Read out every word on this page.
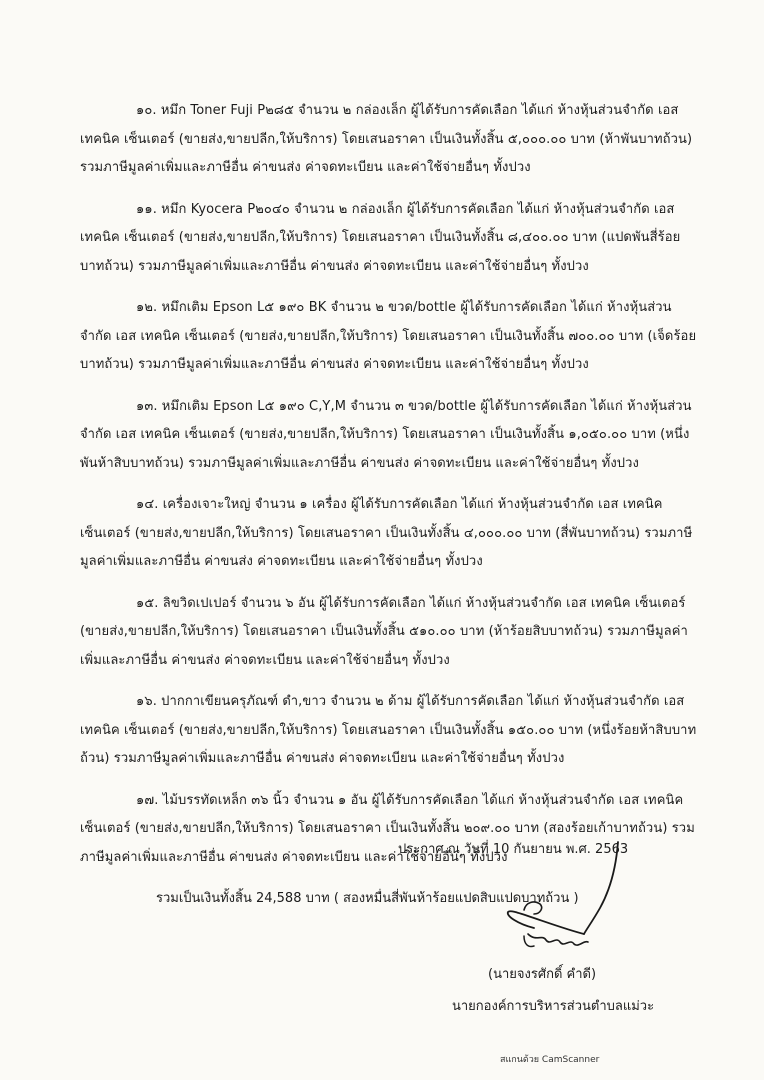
๑๐. หมึก Toner Fuji P๒๘๕ จำนวน ๒ กล่องเล็ก ผู้ได้รับการคัดเลือก ได้แก่ ห้างหุ้นส่วนจำกัด เอส เทคนิค เซ็นเตอร์ (ขายส่ง,ขายปลีก,ให้บริการ) โดยเสนอราคา เป็นเงินทั้งสิ้น ๕,๐๐๐.๐๐ บาท (ห้าพันบาทถ้วน) รวมภาษีมูลค่าเพิ่มและภาษีอื่น ค่าขนส่ง ค่าจดทะเบียน และค่าใช้จ่ายอื่นๆ ทั้งปวง

๑๑. หมึก Kyocera P๒๐๔๐ จำนวน ๒ กล่องเล็ก ผู้ได้รับการคัดเลือก ได้แก่ ห้างหุ้นส่วนจำกัด เอส เทคนิค เซ็นเตอร์ (ขายส่ง,ขายปลีก,ให้บริการ) โดยเสนอราคา เป็นเงินทั้งสิ้น ๘,๔๐๐.๐๐ บาท (แปดพันสี่ร้อยบาทถ้วน) รวมภาษีมูลค่าเพิ่มและภาษีอื่น ค่าขนส่ง ค่าจดทะเบียน และค่าใช้จ่ายอื่นๆ ทั้งปวง

๑๒. หมึกเติม Epson L๕ ๑๙๐ BK จำนวน ๒ ขวด/bottle ผู้ได้รับการคัดเลือก ได้แก่ ห้างหุ้นส่วนจำกัด เอส เทคนิค เซ็นเตอร์ (ขายส่ง,ขายปลีก,ให้บริการ) โดยเสนอราคา เป็นเงินทั้งสิ้น ๗๐๐.๐๐ บาท (เจ็ดร้อยบาทถ้วน) รวมภาษีมูลค่าเพิ่มและภาษีอื่น ค่าขนส่ง ค่าจดทะเบียน และค่าใช้จ่ายอื่นๆ ทั้งปวง

๑๓. หมึกเติม Epson L๕ ๑๙๐ C,Y,M จำนวน ๓ ขวด/bottle ผู้ได้รับการคัดเลือก ได้แก่ ห้างหุ้นส่วนจำกัด เอส เทคนิค เซ็นเตอร์ (ขายส่ง,ขายปลีก,ให้บริการ) โดยเสนอราคา เป็นเงินทั้งสิ้น ๑,๐๕๐.๐๐ บาท (หนึ่งพันห้าสิบบาทถ้วน) รวมภาษีมูลค่าเพิ่มและภาษีอื่น ค่าขนส่ง ค่าจดทะเบียน และค่าใช้จ่ายอื่นๆ ทั้งปวง

๑๔. เครื่องเจาะใหญ่ จำนวน ๑ เครื่อง ผู้ได้รับการคัดเลือก ได้แก่ ห้างหุ้นส่วนจำกัด เอส เทคนิค เซ็นเตอร์ (ขายส่ง,ขายปลีก,ให้บริการ) โดยเสนอราคา เป็นเงินทั้งสิ้น ๔,๐๐๐.๐๐ บาท (สี่พันบาทถ้วน) รวมภาษีมูลค่าเพิ่มและภาษีอื่น ค่าขนส่ง ค่าจดทะเบียน และค่าใช้จ่ายอื่นๆ ทั้งปวง

๑๕. ลิขวิดเปเปอร์ จำนวน ๖ อัน ผู้ได้รับการคัดเลือก ได้แก่ ห้างหุ้นส่วนจำกัด เอส เทคนิค เซ็นเตอร์ (ขายส่ง,ขายปลีก,ให้บริการ) โดยเสนอราคา เป็นเงินทั้งสิ้น ๕๑๐.๐๐ บาท (ห้าร้อยสิบบาทถ้วน) รวมภาษีมูลค่าเพิ่มและภาษีอื่น ค่าขนส่ง ค่าจดทะเบียน และค่าใช้จ่ายอื่นๆ ทั้งปวง

๑๖. ปากกาเขียนครุภัณฑ์ ดำ,ขาว จำนวน ๒ ด้าม ผู้ได้รับการคัดเลือก ได้แก่ ห้างหุ้นส่วนจำกัด เอส เทคนิค เซ็นเตอร์ (ขายส่ง,ขายปลีก,ให้บริการ) โดยเสนอราคา เป็นเงินทั้งสิ้น ๑๕๐.๐๐ บาท (หนึ่งร้อยห้าสิบบาทถ้วน) รวมภาษีมูลค่าเพิ่มและภาษีอื่น ค่าขนส่ง ค่าจดทะเบียน และค่าใช้จ่ายอื่นๆ ทั้งปวง

๑๗. ไม้บรรทัดเหล็ก ๓๖ นิ้ว จำนวน ๑ อัน ผู้ได้รับการคัดเลือก ได้แก่ ห้างหุ้นส่วนจำกัด เอส เทคนิค เซ็นเตอร์ (ขายส่ง,ขายปลีก,ให้บริการ) โดยเสนอราคา เป็นเงินทั้งสิ้น ๒๐๙.๐๐ บาท (สองร้อยเก้าบาทถ้วน) รวมภาษีมูลค่าเพิ่มและภาษีอื่น ค่าขนส่ง ค่าจดทะเบียน และค่าใช้จ่ายอื่นๆ ทั้งปวง

รวมเป็นเงินทั้งสิ้น 24,588 บาท ( สองหมื่นสี่พันห้าร้อยแปดสิบแปดบาทถ้วน )

ประกาศ ณ วันที่ 10 กันยายน พ.ศ. 2563
(นายจงรศักดิ์ คำดี)
นายกองค์การบริหารส่วนตำบลแม่วะ
สแกนด้วย CamScanner
